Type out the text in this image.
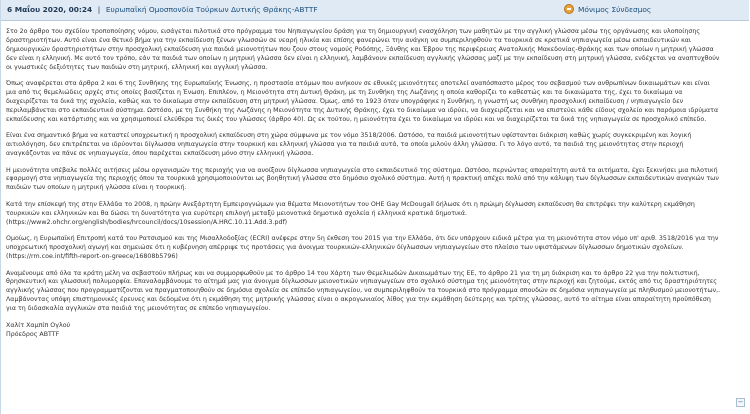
6 Μαΐου 2020, 00:24 | Ευρωπαϊκή Ομοσπονδία Τούρκων Δυτικής Θράκης-ABTTF	Μόνιμος Σύνδεσμος

Στο 2ο άρθρο του σχεδίου τροποποίησης νόμου, εισάγεται πιλοτικά στο πρόγραμμα του Νηπιαγωγείου δράση για τη δημιουργική ενασχόληση των μαθητών με την αγγλική γλώσσα μέσω της οργάνωσης και υλοποίησης δραστηριοτήτων. Αυτό είναι ένα θετικό βήμα για την εκπαίδευση ξένων γλωσσών σε νεαρή ηλικία και επίσης φανερώνει την ανάγκη να συμπεριληφθούν τα τουρκικά σε κρατικά νηπιαγωγεία μέσω εκπαιδευτικών και δημιουργικών δραστηριοτήτων στην προσχολική εκπαίδευση για παιδιά μειονοτήτων που ζουν στους νομούς Ροδόπης, Ξάνθης και Έβρου της περιφέρειας Ανατολικής Μακεδονίας-Θράκης και των οποίων η μητρική γλώσσα δεν είναι η ελληνική. Με αυτό τον τρόπο, εάν τα παιδιά των οποίων η μητρική γλώσσα δεν είναι η ελληνική, λαμβάνουν εκπαίδευση αγγλικής γλώσσας μαζί με την εκπαίδευση στη μητρική γλώσσα, ενδέχεται να αναπτυχθούν οι γνωστικές δεξιότητες των παιδιών στη μητρική, ελληνική και αγγλική γλώσσα.

Όπως αναφέρεται στα άρθρα 2 και 6 της Συνθήκης της Ευρωπαϊκής Ένωσης, η προστασία ατόμων που ανήκουν σε εθνικές μειονότητες αποτελεί αναπόσπαστο μέρος του σεβασμού των ανθρωπίνων δικαιωμάτων και είναι μια από τις θεμελιώδεις αρχές στις οποίες βασίζεται η Ένωση. Επιπλέον, η Μειονότητα στη Δυτική Θράκη, με τη Συνθήκη της Λωζάνης η οποία καθορίζει το καθεστώς και τα δικαιώματα της, έχει το δικαίωμα να διαχειρίζεται τα δικά της σχολεία, καθώς και το δικαίωμα στην εκπαίδευση στη μητρική γλώσσα. Όμως, από το 1923 όταν υπογράφηκε η Συνθήκη, η γνωστή ως συνθήκη προσχολική εκπαίδευση / νηπιαγωγείο δεν περιλαμβάνεται στο εκπαιδευτικό σύστημα. Ωστόσο, με τη Συνθήκη της Λωζάνης η Μειονότητα της Δυτικής Θράκης, έχει το δικαίωμα να ιδρύει, να διαχειρίζεται και να επιστεύει κάθε είδους σχολείο και παρόμοια ιδρύματα εκπαίδευσης και κατάρτισης και να χρησιμοποιεί ελεύθερα τις δικές του γλώσσες (άρθρο 40). Ως εκ τούτου, η μειονότητα έχει το δικαίωμα να ιδρύει και να διαχειρίζεται τα δικά της νηπιαγωγεία σε προσχολικό επίπεδο.

Είναι ένα σημαντικό βήμα να καταστεί υποχρεωτική η προσχολική εκπαίδευση στη χώρα σύμφωνα με τον νόμο 3518/2006. Ωστόσο, τα παιδιά μειονοτήτων υφίστανται διάκριση καθώς χωρίς συγκεκριμένη και λογική αιτιολόγηση, δεν επιτρέπεται να ιδρύονται δίγλωσσα νηπιαγωγεία στην τουρκική και ελληνική γλώσσα για τα παιδιά αυτά, τα οποία μιλούν άλλη γλώσσα. Γι το λόγο αυτό, τα παιδιά της μειονότητας στην περιοχή αναγκάζονται να πάνε σε νηπιαγωγεία, όπου παρέχεται εκπαίδευση μόνο στην ελληνική γλώσσα.

Η μειονότητα υπέβαλε πολλές αιτήσεις μέσω οργανισμών της περιοχής για να ανοίξουν δίγλωσσα νηπιαγωγεία στο εκπαιδευτικό της σύστημα. Ωστόσο, περνώντας απαραίτητη αυτά τα αιτήματα, έχει ξεκινήσει μια πιλοτική εφαρμογή στα νηπιαγωγεία της περιοχής όπου τα τουρκικά χρησιμοποιούνται ως βοηθητική γλώσσα στο δημόσιο σχολικό σύστημα. Αυτή η πρακτική απέχει πολύ από την κάλυψη των δίγλωσσων εκπαιδευτικών αναγκών των παιδιών των οποίων η μητρική γλώσσα είναι η τουρκική.

Κατά την επίσκεψή της στην Ελλάδα το 2008, η πρώην Ανεξάρτητη Εμπειρογνώμων για θέματα Μειονοτήτων του ΟΗΕ Gay McDougall δήλωσε ότι η πρώιμη δίγλωσση εκπαίδευση θα επιτρέψει την καλύτερη εκμάθηση τουρκικών και ελληνικών και θα δώσει τη δυνατότητα για ευρύτερη επιλογή μεταξύ μειονοτικά δημοτικά σχολεία ή ελληνικά κρατικά δημοτικά. (https://www2.ohchr.org/english/bodies/hrcouncil/docs/10session/A.HRC.10.11.Add.3.pdf)

Ομοίως, η Ευρωπαϊκή Επιτροπή κατά του Ρατσισμού και της Μισαλλοδοξίας (ECRI) ανέφερε στην 5η έκθεση του 2015 για την Ελλάδα, ότι δεν υπάρχουν ειδικά μέτρα για τη μειονότητα στον νόμο υπ' αριθ. 3518/2016 για την υποχρεωτική προσχολική αγωγή και σημειώσε ότι η κυβέρνηση απέρριψε τις προτάσεις για άνοιγμα τουρκικών-ελληνικών δίγλωσσων νηπιαγωγείων στο πλαίσιο των υφιστάμενων δίγλωσσων δημοτικών σχολείων. (https://rm.coe.int/fifth-report-on-greece/16808b5796)

Αναμένουμε από όλα τα κράτη μέλη να σεβαστούν πλήρως και να συμμορφωθούν με το άρθρο 14 του Χάρτη των Θεμελιωδών Δικαιωμάτων της ΕΕ, το άρθρο 21 για τη μη διάκριση και το άρθρο 22 για την πολιτιστική, θρησκευτική και γλωσσική πολυμορφία. Επαναλαμβάνουμε το αίτημά μας για άνοιγμα δίγλωσσων μειονοτικών νηπιαγωγείων στο σχολικό σύστημα της μειονότητας στην περιοχή και ζητούμε, εκτός από τις δραστηριότητες αγγλικής γλώσσας που προγραμματίζονται να πραγματοποιηθούν σε δημόσια σχολεία σε επίπεδο νηπιαγωγείου, να συμπεριληφθούν τα τουρκικά στο πρόγραμμα σπουδών σε δημόσια νηπιαγωγεία με πληθυσμού μειονοτήτων,. Λαμβάνοντας υπόψη επιστημονικές έρευνες και δεδομένα ότι η εκμάθηση της μητρικής γλώσσας είναι ο ακρογωνιαίος λίθος για την εκμάθηση δεύτερης και τρίτης γλώσσας, αυτό το αίτημα είναι απαραίτητη προϋπόθεση για τη διδασκαλία αγγλικών στα παιδιά της μειονότητας σε επίπεδο νηπιαγωγείου.

Χαλίτ Χαμπίπ Ογλού

Πρόεδρος ABTTF

−
